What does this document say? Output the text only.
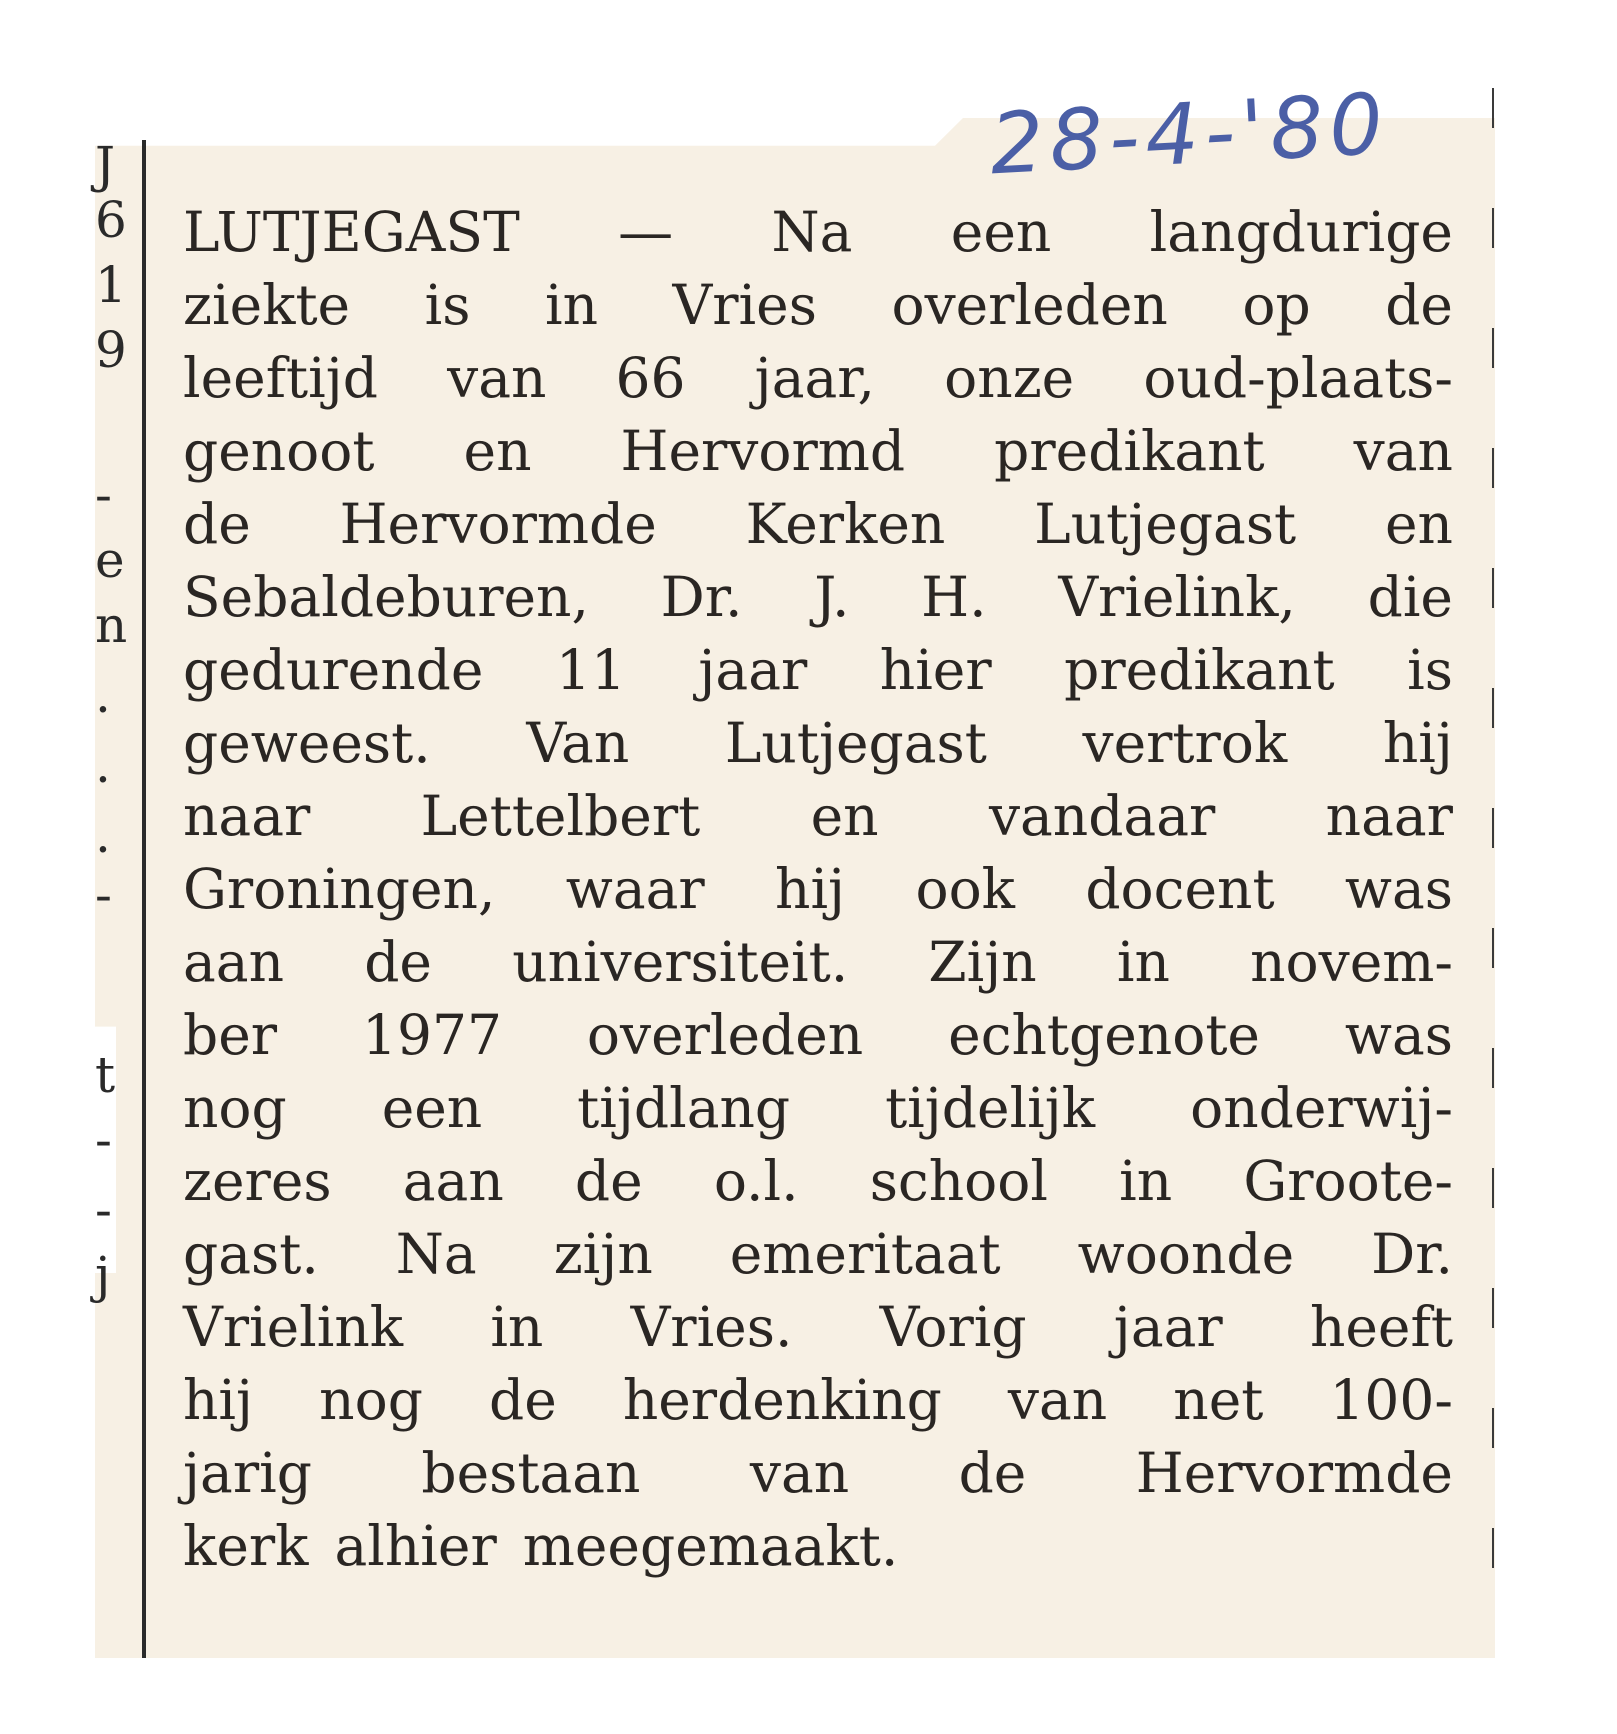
J
6
1
9
-
e
n
.
.
.
-
t
-
-
j
28-4-'80
LUTJEGAST — Na een langdurige
ziekte is in Vries overleden op de
leeftijd van 66 jaar, onze oud-plaats-
genoot en Hervormd predikant van
de Hervormde Kerken Lutjegast en
Sebaldeburen, Dr. J. H. Vrielink, die
gedurende 11 jaar hier predikant is
geweest. Van Lutjegast vertrok hij
naar Lettelbert en vandaar naar
Groningen, waar hij ook docent was
aan de universiteit. Zijn in novem-
ber 1977 overleden echtgenote was
nog een tijdlang tijdelijk onderwij-
zeres aan de o.l. school in Groote-
gast. Na zijn emeritaat woonde Dr.
Vrielink in Vries. Vorig jaar heeft
hij nog de herdenking van net 100-
jarig bestaan van de Hervormde
kerk alhier meegemaakt.
